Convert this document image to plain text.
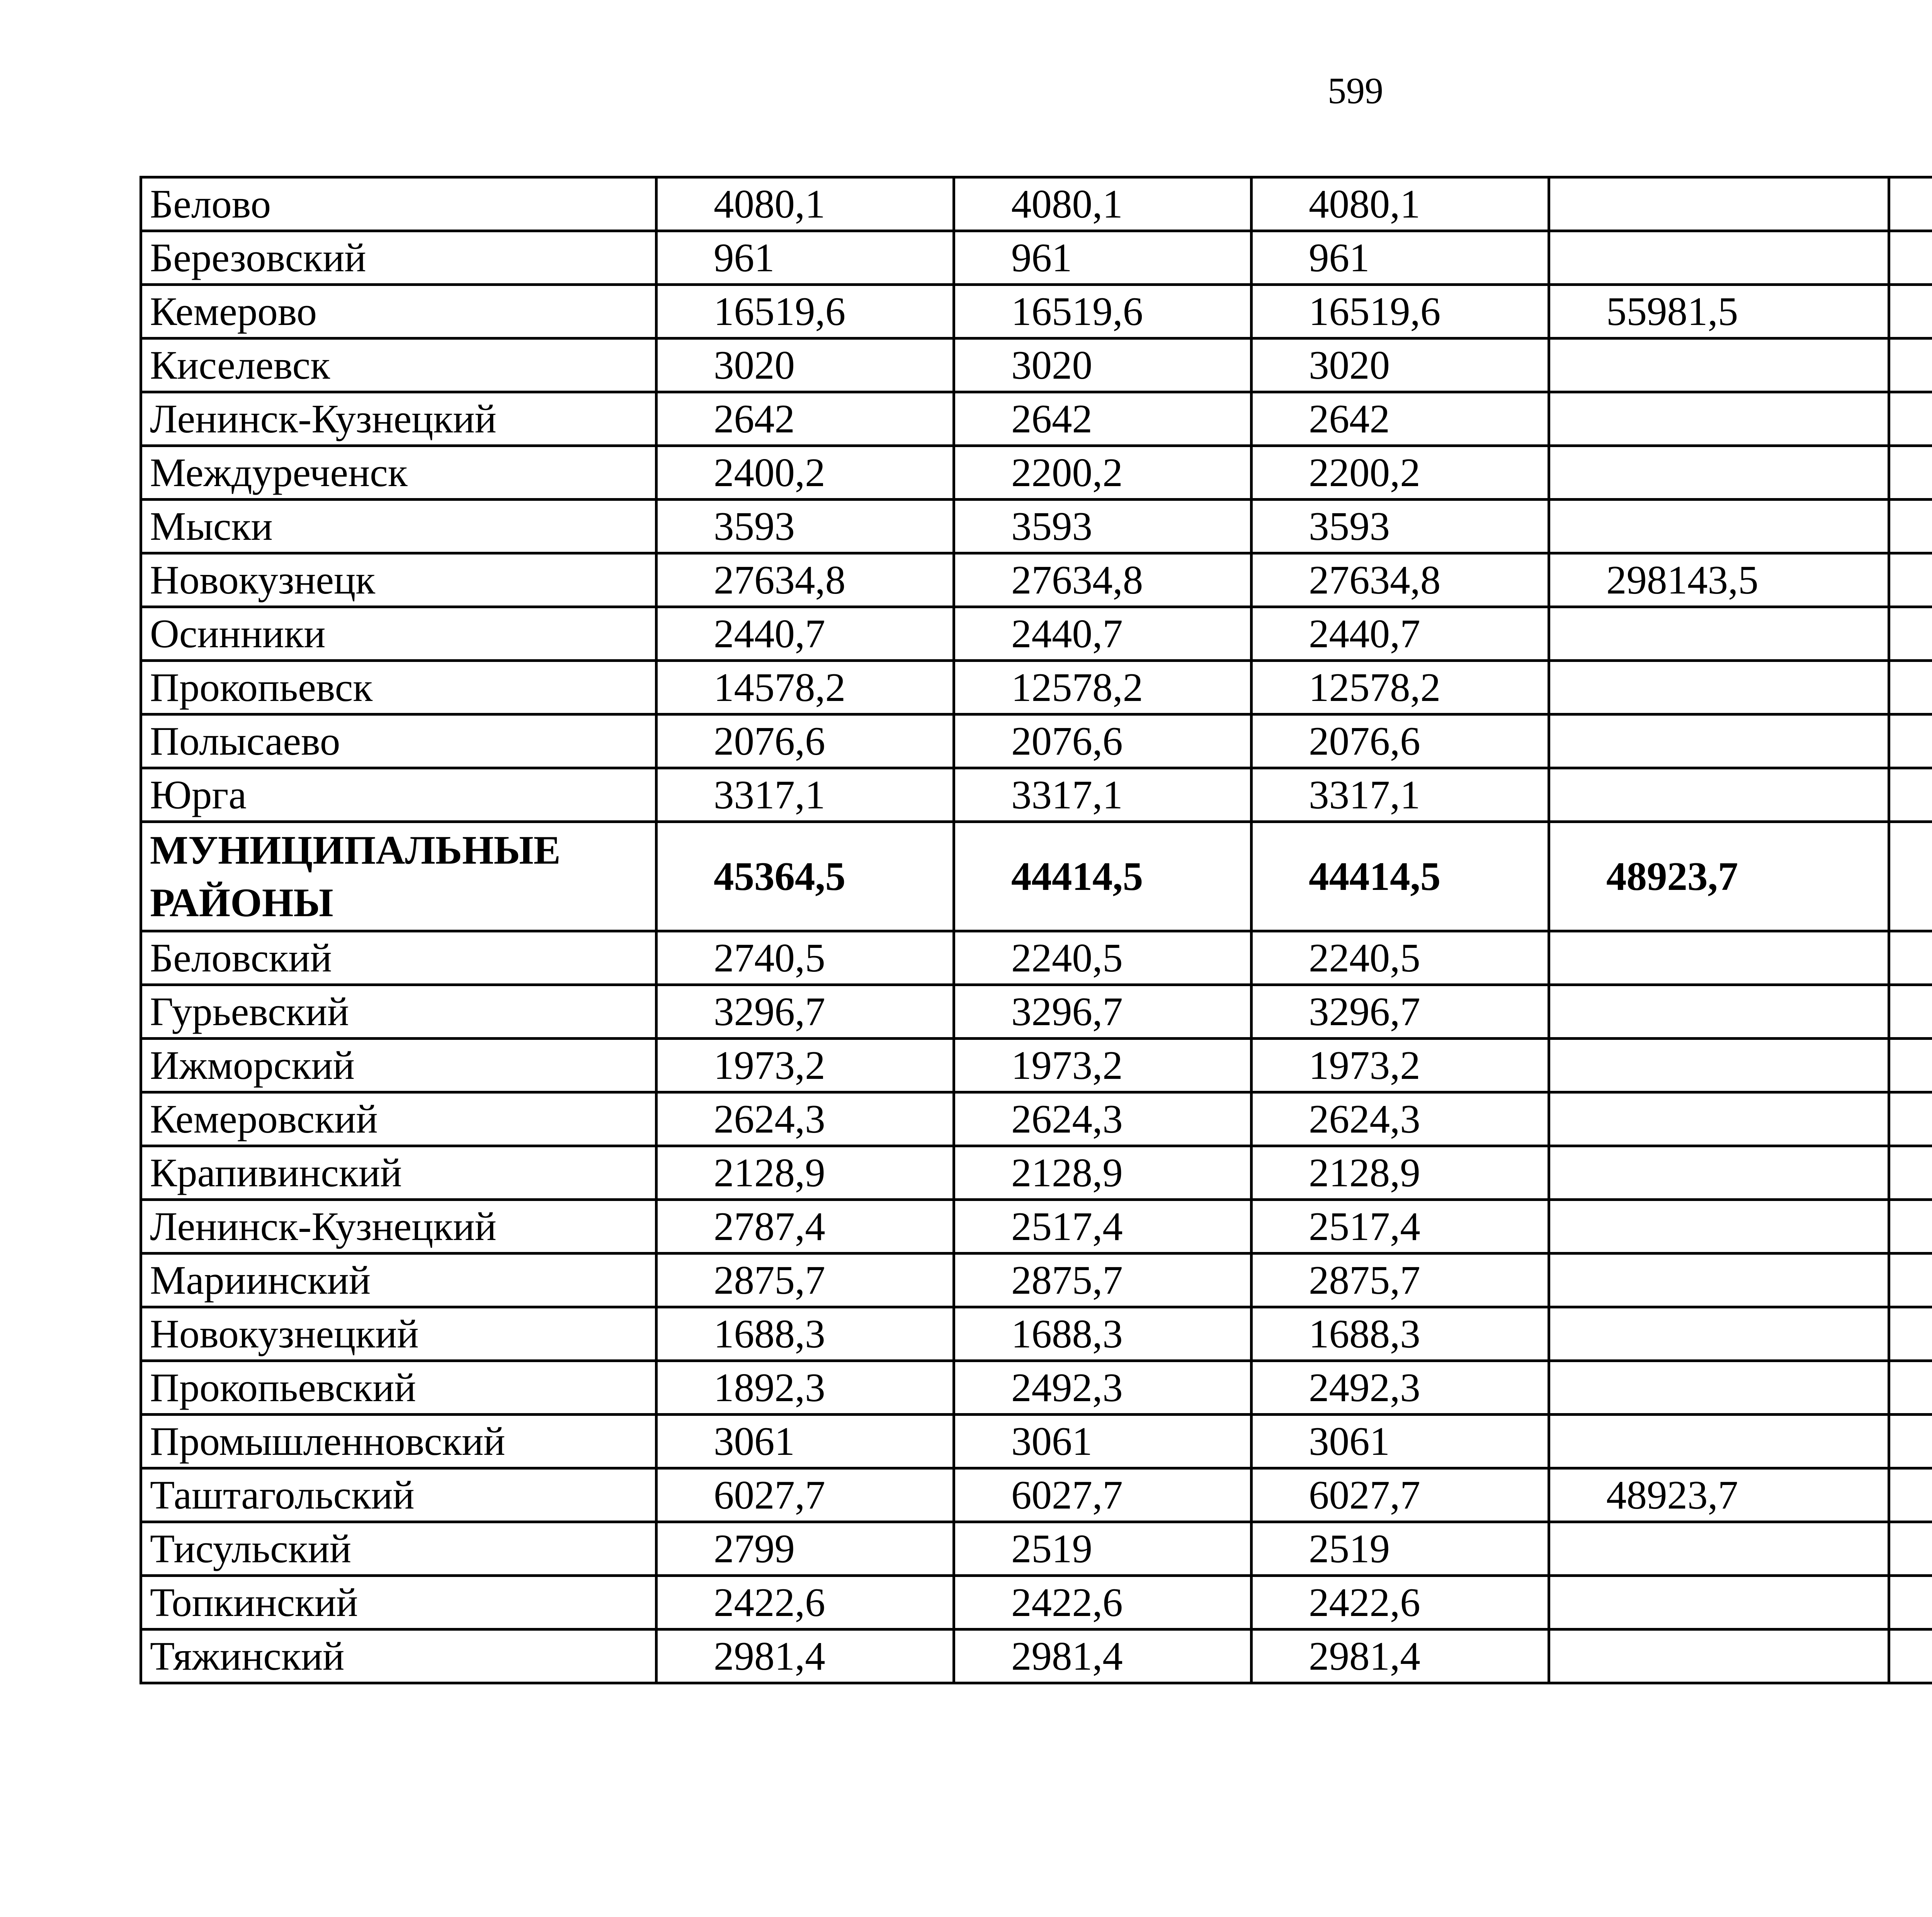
599
Белово	4080,1	4080,1	4080,1			
Березовский	961	961	961			
Кемерово	16519,6	16519,6	16519,6	55981,5		
Киселевск	3020	3020	3020			
Ленинск-Кузнецкий	2642	2642	2642			
Междуреченск	2400,2	2200,2	2200,2			
Мыски	3593	3593	3593			
Новокузнецк	27634,8	27634,8	27634,8	298143,5		
Осинники	2440,7	2440,7	2440,7			
Прокопьевск	14578,2	12578,2	12578,2			
Полысаево	2076,6	2076,6	2076,6			
Юрга	3317,1	3317,1	3317,1			
МУНИЦИПАЛЬНЫЕ РАЙОНЫ	45364,5	44414,5	44414,5	48923,7		
Беловский	2740,5	2240,5	2240,5			
Гурьевский	3296,7	3296,7	3296,7			
Ижморский	1973,2	1973,2	1973,2			
Кемеровский	2624,3	2624,3	2624,3			
Крапивинский	2128,9	2128,9	2128,9			
Ленинск-Кузнецкий	2787,4	2517,4	2517,4			
Мариинский	2875,7	2875,7	2875,7			
Новокузнецкий	1688,3	1688,3	1688,3			
Прокопьевский	1892,3	2492,3	2492,3			
Промышленновский	3061	3061	3061			
Таштагольский	6027,7	6027,7	6027,7	48923,7		
Тисульский	2799	2519	2519			
Топкинский	2422,6	2422,6	2422,6			
Тяжинский	2981,4	2981,4	2981,4			
